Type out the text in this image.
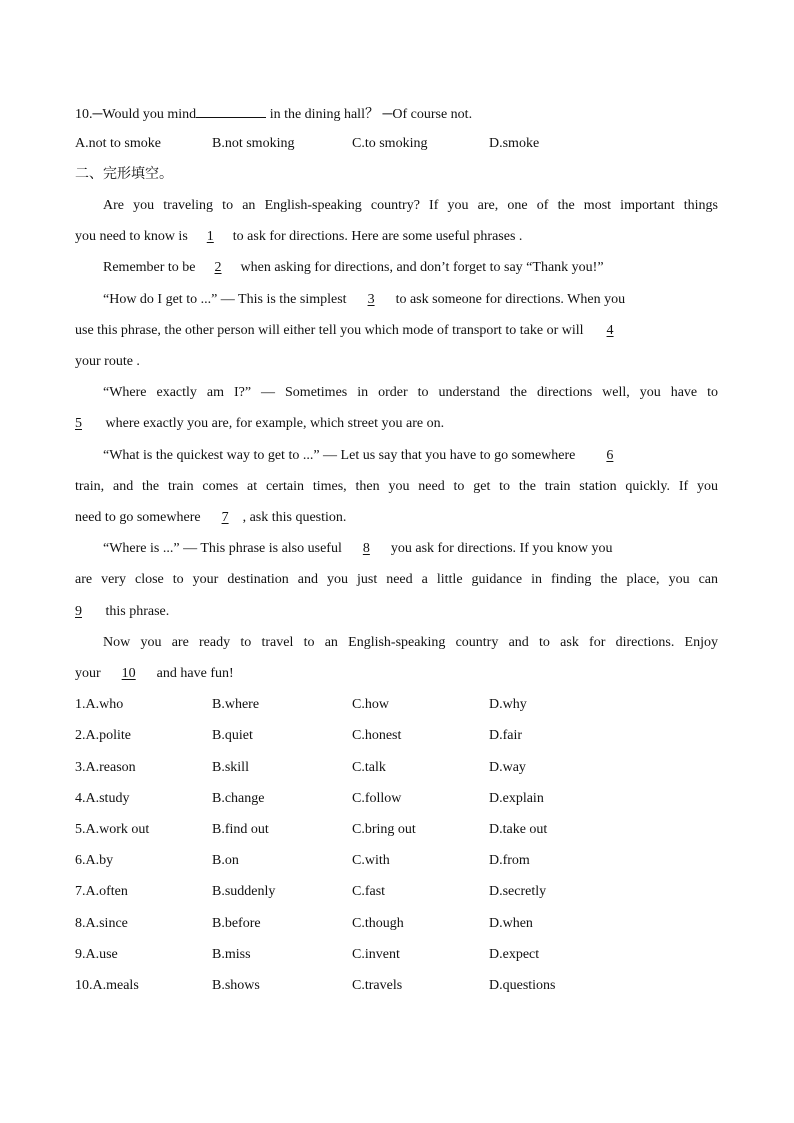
10.─Would you mind	in the dining hall？ ─Of course not.
A.not to smoke	B.not smoking	C.to smoking	D.smoke
二、完形填空。
Are you traveling to an English-speaking country? If you are, one of the most important things
you need to know is 1 to ask for directions. Here are some useful phrases .
Remember to be 2 when asking for directions, and don’t forget to say “Thank you!”
“How do I get to ...” — This is the simplest 3 to ask someone for directions. When you
use this phrase, the other person will either tell you which mode of transport to take or will 4
your route .
“Where exactly am I?” — Sometimes in order to understand the directions well, you have to
5 where exactly you are, for example, which street you are on.
“What is the quickest way to get to ...” — Let us say that you have to go somewhere 6
train, and the train comes at certain times, then you need to get to the train station quickly. If you
need to go somewhere 7 , ask this question.
“Where is ...” — This phrase is also useful 8 you ask for directions. If you know you
are very close to your destination and you just need a little guidance in finding the place, you can
9 this phrase.
Now you are ready to travel to an English-speaking country and to ask for directions. Enjoy
your 10 and have fun!
1.A.who	B.where	C.how	D.why
2.A.polite	B.quiet	C.honest	D.fair
3.A.reason	B.skill	C.talk	D.way
4.A.study	B.change	C.follow	D.explain
5.A.work out	B.find out	C.bring out	D.take out
6.A.by	B.on	C.with	D.from
7.A.often	B.suddenly	C.fast	D.secretly
8.A.since	B.before	C.though	D.when
9.A.use	B.miss	C.invent	D.expect
10.A.meals	B.shows	C.travels	D.questions
